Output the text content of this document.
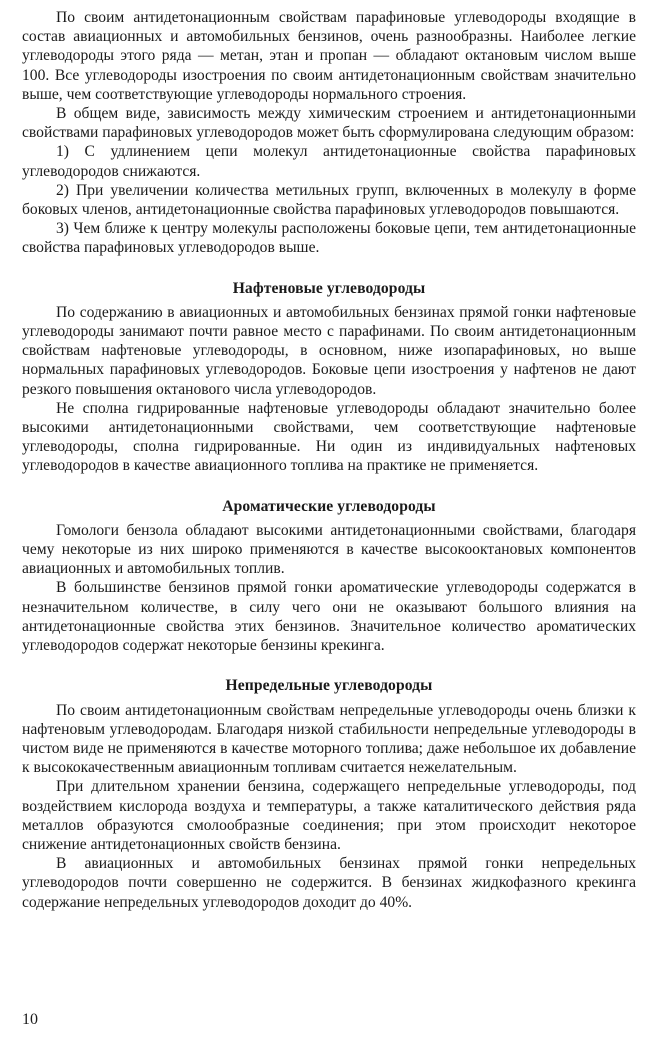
По своим антидетонационным свойствам парафиновые углеводороды входящие в состав авиационных и автомобильных бензинов, очень разнообразны. Наиболее легкие углеводороды этого ряда — метан, этан и пропан — обладают октановым числом выше 100. Все углеводороды изостроения по своим антидетонационным свойствам значительно выше, чем соответствующие углеводороды нормального строения.

В общем виде, зависимость между химическим строением и антидетонационными свойствами парафиновых углеводородов может быть сформулирована следующим образом:

1) С удлинением цепи молекул антидетонационные свойства парафиновых углеводородов снижаются.

2) При увеличении количества метильных групп, включенных в молекулу в форме боковых членов, антидетонационные свойства парафиновых углеводородов повышаются.

3) Чем ближе к центру молекулы расположены боковые цепи, тем антидетонационные свойства парафиновых углеводородов выше.

Нафтеновые углеводороды

По содержанию в авиационных и автомобильных бензинах прямой гонки нафтеновые углеводороды занимают почти равное место с парафинами. По своим антидетонационным свойствам нафтеновые углеводороды, в основном, ниже изопарафиновых, но выше нормальных парафиновых углеводородов. Боковые цепи изостроения у нафтенов не дают резкого повышения октанового числа углеводородов.

Не сполна гидрированные нафтеновые углеводороды обладают значительно более высокими антидетонационными свойствами, чем соответствующие нафтеновые углеводороды, сполна гидрированные. Ни один из индивидуальных нафтеновых углеводородов в качестве авиационного топлива на практике не применяется.

Ароматические углеводороды

Гомологи бензола обладают высокими антидетонационными свойствами, благодаря чему некоторые из них широко применяются в качестве высокооктановых компонентов авиационных и автомобильных топлив.

В большинстве бензинов прямой гонки ароматические углеводороды содержатся в незначительном количестве, в силу чего они не оказывают большого влияния на антидетонационные свойства этих бензинов. Значительное количество ароматических углеводородов содержат некоторые бензины крекинга.

Непредельные углеводороды

По своим антидетонационным свойствам непредельные углеводороды очень близки к нафтеновым углеводородам. Благодаря низкой стабильности непредельные углеводороды в чистом виде не применяются в качестве моторного топлива; даже небольшое их добавление к высококачественным авиационным топливам считается нежелательным.

При длительном хранении бензина, содержащего непредельные углеводороды, под воздействием кислорода воздуха и температуры, а также каталитического действия ряда металлов образуются смолообразные соединения; при этом происходит некоторое снижение антидетонационных свойств бензина.

В авиационных и автомобильных бензинах прямой гонки непредельных углеводородов почти совершенно не содержится. В бензинах жидкофазного крекинга содержание непредельных углеводородов доходит до 40%.

10
